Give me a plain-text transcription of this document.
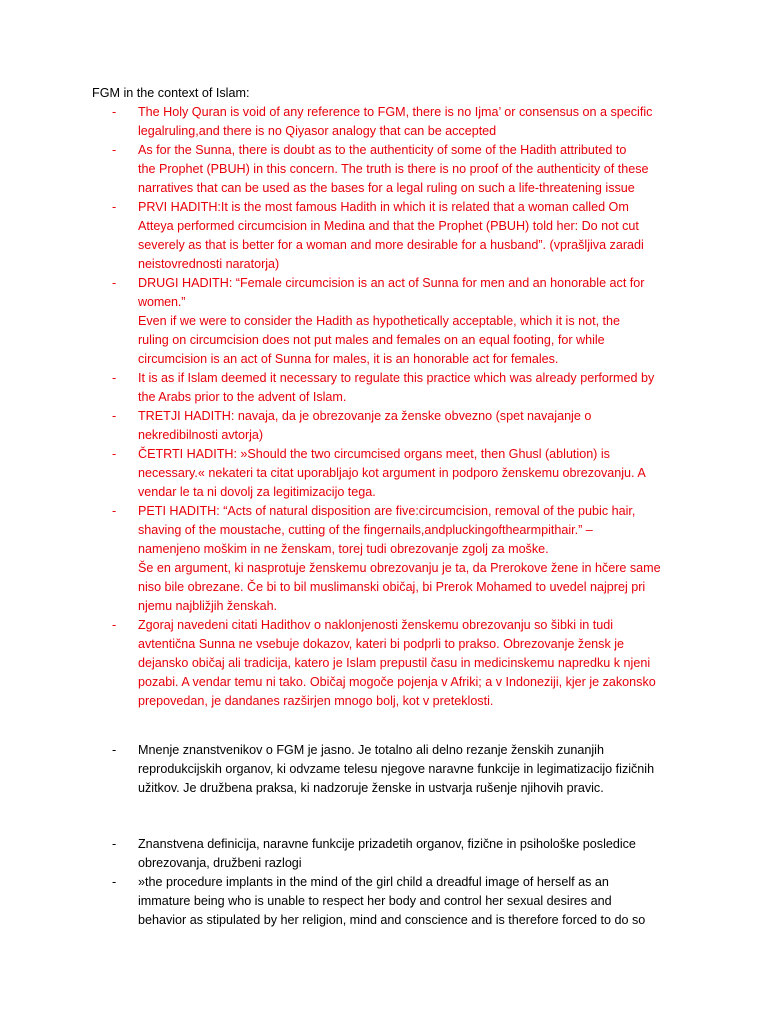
FGM in the context of Islam:
- The Holy Quran is void of any reference to FGM, there is no Ijma’ or consensus on a specific
legalruling,and there is no Qiyasor analogy that can be accepted
- As for the Sunna, there is doubt as to the authenticity of some of the Hadith attributed to
the Prophet (PBUH) in this concern. The truth is there is no proof of the authenticity of these
narratives that can be used as the bases for a legal ruling on such a life-threatening issue
- PRVI HADITH:It is the most famous Hadith in which it is related that a woman called Om
Atteya performed circumcision in Medina and that the Prophet (PBUH) told her: Do not cut
severely as that is better for a woman and more desirable for a husband”. (vprašljiva zaradi
neistovrednosti naratorja)
- DRUGI HADITH: “Female circumcision is an act of Sunna for men and an honorable act for
women.”
Even if we were to consider the Hadith as hypothetically acceptable, which it is not, the
ruling on circumcision does not put males and females on an equal footing, for while
circumcision is an act of Sunna for males, it is an honorable act for females.
- It is as if Islam deemed it necessary to regulate this practice which was already performed by
the Arabs prior to the advent of Islam.
- TRETJI HADITH: navaja, da je obrezovanje za ženske obvezno (spet navajanje o
nekredibilnosti avtorja)
- ČETRTI HADITH: »Should the two circumcised organs meet, then Ghusl (ablution) is
necessary.« nekateri ta citat uporabljajo kot argument in podporo ženskemu obrezovanju. A
vendar le ta ni dovolj za legitimizacijo tega.
- PETI HADITH: “Acts of natural disposition are five:circumcision, removal of the pubic hair,
shaving of the moustache, cutting of the fingernails,andpluckingofthearmpithair.” –
namenjeno moškim in ne ženskam, torej tudi obrezovanje zgolj za moške.
Še en argument, ki nasprotuje ženskemu obrezovanju je ta, da Prerokove žene in hčere same
niso bile obrezane. Če bi to bil muslimanski običaj, bi Prerok Mohamed to uvedel najprej pri
njemu najbližjih ženskah.
- Zgoraj navedeni citati Hadithov o naklonjenosti ženskemu obrezovanju so šibki in tudi
avtentična Sunna ne vsebuje dokazov, kateri bi podprli to prakso. Obrezovanje žensk je
dejansko običaj ali tradicija, katero je Islam prepustil času in medicinskemu napredku k njeni
pozabi. A vendar temu ni tako. Običaj mogoče pojenja v Afriki; a v Indoneziji, kjer je zakonsko
prepovedan, je dandanes razširjen mnogo bolj, kot v preteklosti.
- Mnenje znanstvenikov o FGM je jasno. Je totalno ali delno rezanje ženskih zunanjih
reprodukcijskih organov, ki odvzame telesu njegove naravne funkcije in legimatizacijo fizičnih
užitkov. Je družbena praksa, ki nadzoruje ženske in ustvarja rušenje njihovih pravic.
- Znanstvena definicija, naravne funkcije prizadetih organov, fizične in psihološke posledice
obrezovanja, družbeni razlogi
- »the procedure implants in the mind of the girl child a dreadful image of herself as an
immature being who is unable to respect her body and control her sexual desires and
behavior as stipulated by her religion, mind and conscience and is therefore forced to do so
